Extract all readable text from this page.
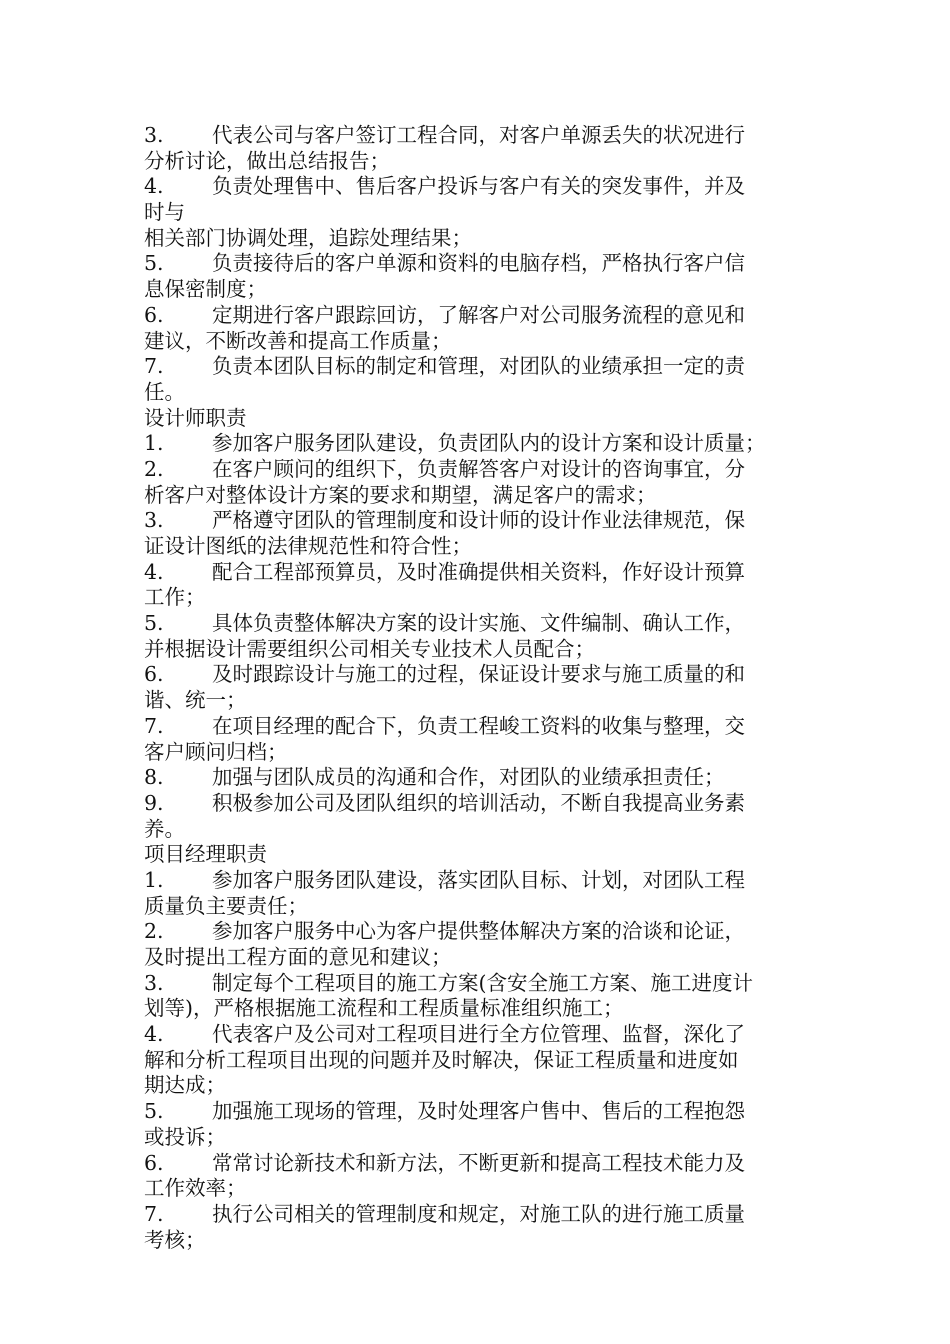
3. 代表公司与客户签订工程合同，对客户单源丢失的状况进行
分析讨论，做出总结报告；
4. 负责处理售中、售后客户投诉与客户有关的突发事件，并及
时与
相关部门协调处理，追踪处理结果；
5. 负责接待后的客户单源和资料的电脑存档，严格执行客户信
息保密制度；
6. 定期进行客户跟踪回访，了解客户对公司服务流程的意见和
建议，不断改善和提高工作质量；
7. 负责本团队目标的制定和管理，对团队的业绩承担一定的责
任。
设计师职责
1. 参加客户服务团队建设，负责团队内的设计方案和设计质量；
2. 在客户顾问的组织下，负责解答客户对设计的咨询事宜，分
析客户对整体设计方案的要求和期望，满足客户的需求；
3. 严格遵守团队的管理制度和设计师的设计作业法律规范，保
证设计图纸的法律规范性和符合性；
4. 配合工程部预算员，及时准确提供相关资料，作好设计预算
工作；
5. 具体负责整体解决方案的设计实施、文件编制、确认工作，
并根据设计需要组织公司相关专业技术人员配合；
6. 及时跟踪设计与施工的过程，保证设计要求与施工质量的和
谐、统一；
7. 在项目经理的配合下，负责工程峻工资料的收集与整理，交
客户顾问归档；
8. 加强与团队成员的沟通和合作，对团队的业绩承担责任；
9. 积极参加公司及团队组织的培训活动，不断自我提高业务素
养。
项目经理职责
1. 参加客户服务团队建设，落实团队目标、计划，对团队工程
质量负主要责任；
2. 参加客户服务中心为客户提供整体解决方案的洽谈和论证，
及时提出工程方面的意见和建议；
3. 制定每个工程项目的施工方案(含安全施工方案、施工进度计
划等)，严格根据施工流程和工程质量标准组织施工；
4. 代表客户及公司对工程项目进行全方位管理、监督，深化了
解和分析工程项目出现的问题并及时解决，保证工程质量和进度如
期达成；
5. 加强施工现场的管理，及时处理客户售中、售后的工程抱怨
或投诉；
6. 常常讨论新技术和新方法，不断更新和提高工程技术能力及
工作效率；
7. 执行公司相关的管理制度和规定，对施工队的进行施工质量
考核；
